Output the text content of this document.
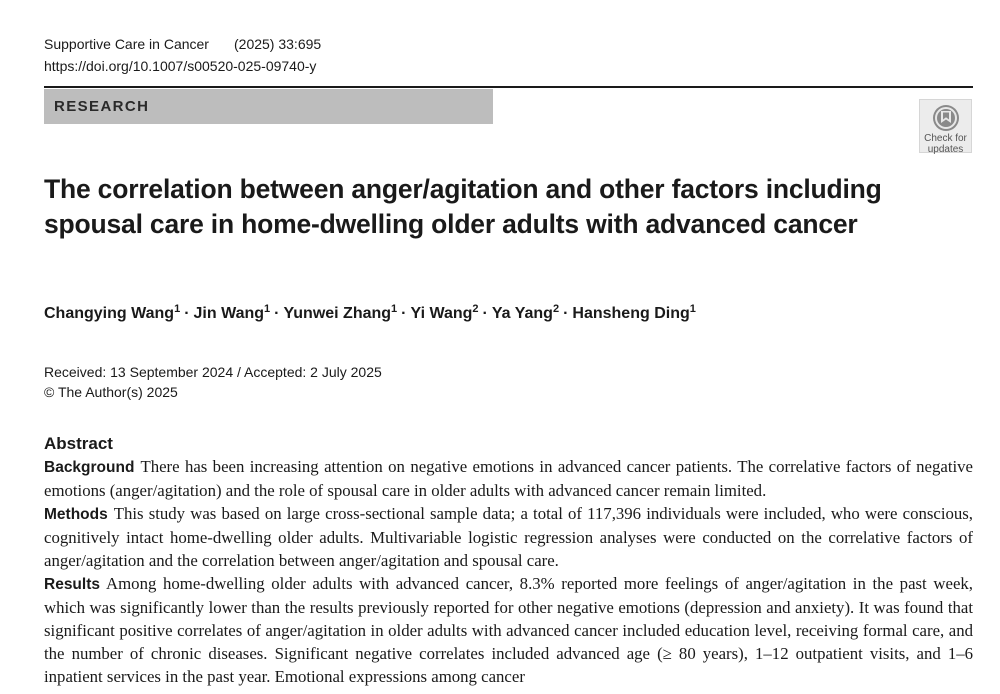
Supportive Care in Cancer (2025) 33:695
https://doi.org/10.1007/s00520-025-09740-y
RESEARCH
Check for
updates
The correlation between anger/agitation and other factors including spousal care in home-dwelling older adults with advanced cancer
Changying Wang$^1$ · Jin Wang$^1$ · Yunwei Zhang$^1$ · Yi Wang$^2$ · Ya Yang$^2$ · Hansheng Ding$^1$
Received: 13 September 2024 / Accepted: 2 July 2025
© The Author(s) 2025
Abstract

Background There has been increasing attention on negative emotions in advanced cancer patients. The correlative factors of negative emotions (anger/agitation) and the role of spousal care in older adults with advanced cancer remain limited.

Methods This study was based on large cross-sectional sample data; a total of 117,396 individuals were included, who were conscious, cognitively intact home-dwelling older adults. Multivariable logistic regression analyses were conducted on the correlative factors of anger/agitation and the correlation between anger/agitation and spousal care.

Results Among home-dwelling older adults with advanced cancer, 8.3% reported more feelings of anger/agitation in the past week, which was significantly lower than the results previously reported for other negative emotions (depression and anxiety). It was found that significant positive correlates of anger/agitation in older adults with advanced cancer included education level, receiving formal care, and the number of chronic diseases. Significant negative correlates included advanced age (≥ 80 years), 1–12 outpatient visits, and 1–6 inpatient services in the past year. Emotional expressions among cancer
